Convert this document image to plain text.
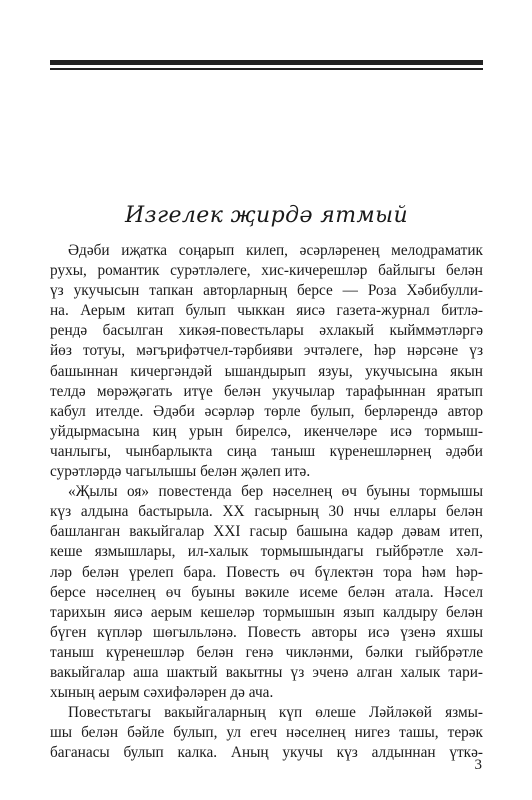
Изгелек җирдә ятмый
Әдәби иҗатка соңарып килеп, әсәрләренең мелодраматик
рухы, романтик сурәтләлеге, хис-кичерешләр байлыгы белән
үз укучысын тапкан авторларның берсе — Роза Хәбибулли-
на. Аерым китап булып чыккан яисә газета-журнал битлә-
рендә басылган хикәя-повестьлары әхлакый кыйммәтләргә
йөз тотуы, мәгърифәтчел-тәрбияви эчтәлеге, һәр нәрсәне үз
башыннан кичергәндәй ышандырып язуы, укучысына якын
телдә мөрәҗәгать итүе белән укучылар тарафыннан яратып
кабул ителде. Әдәби әсәрләр төрле булып, берләрендә автор
уйдырмасына киң урын бирелсә, икенчеләре исә тормыш-
чанлыгы, чынбарлыкта сиңа таныш күренешләрнең әдәби
сурәтләрдә чагылышы белән җәлеп итә.
«Җылы оя» повестенда бер нәселнең өч буыны тормышы
күз алдына бастырыла. XX гасырның 30 нчы еллары белән
башланган вакыйгалар XXI гасыр башына кадәр дәвам итеп,
кеше язмышлары, ил-халык тормышындагы гыйбрәтле хәл-
ләр белән үрелеп бара. Повесть өч бүлектән тора һәм һәр-
берсе нәселнең өч буыны вәкиле исеме белән атала. Нәсел
тарихын яисә аерым кешеләр тормышын язып калдыру белән
бүген күпләр шөгыльләнә. Повесть авторы исә үзенә яхшы
таныш күренешләр белән генә чикләнми, бәлки гыйбрәтле
вакыйгалар аша шактый вакытны үз эченә алган халык тари-
хының аерым сәхифәләрен дә ача.
Повестьтагы вакыйгаларның күп өлеше Ләйләкөй язмы-
шы белән бәйле булып, ул егеч нәселнең нигез ташы, терәк
баганасы булып калка. Аның укучы күз алдыннан үткә-
3
